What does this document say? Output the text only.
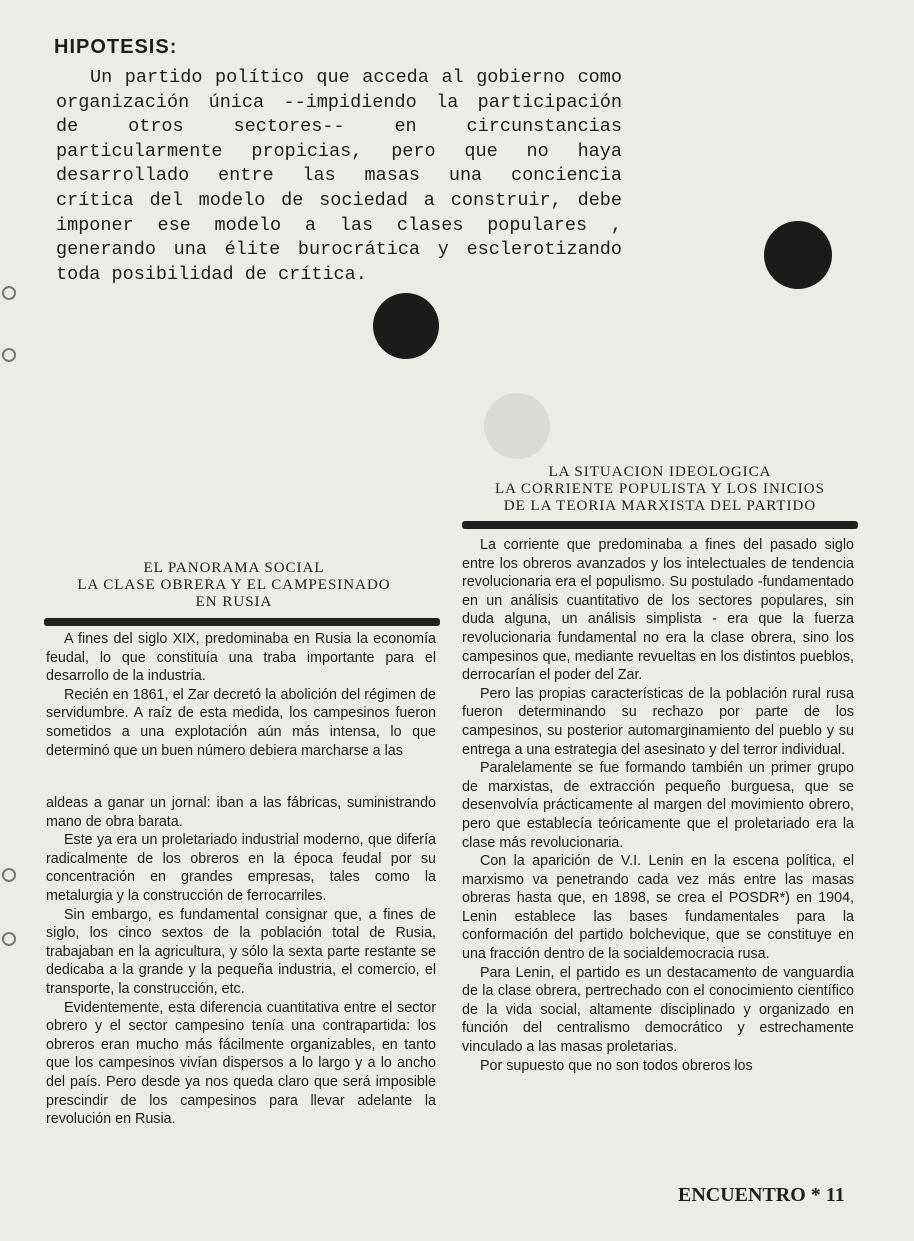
HIPOTESIS:

Un partido político que acceda al gobierno como organización única --impidiendo la participación de otros sectores-- en circunstancias particularmente propicias, pero que no haya desarrollado entre las masas una conciencia crítica del modelo de sociedad a construir, debe imponer ese modelo a las clases populares , generando una élite burocrática y esclerotizando toda posibilidad de crítica.

EL PANORAMA SOCIAL
LA CLASE OBRERA Y EL CAMPESINADO
EN RUSIA

A fines del siglo XIX, predominaba en Rusia la economía feudal, lo que constituía una traba importante para el desarrollo de la industria.

Recién en 1861, el Zar decretó la abolición del régimen de servidumbre. A raíz de esta medida, los campesinos fueron sometidos a una explotación aún más intensa, lo que determinó que un buen número debiera marcharse a las

aldeas a ganar un jornal: iban a las fábricas, suministrando mano de obra barata.

Este ya era un proletariado industrial moderno, que difería radicalmente de los obreros en la época feudal por su concentración en grandes empresas, tales como la metalurgia y la construcción de ferrocarriles.

Sin embargo, es fundamental consignar que, a fines de siglo, los cinco sextos de la población total de Rusia, trabajaban en la agricultura, y sólo la sexta parte restante se dedicaba a la grande y la pequeña industria, el comercio, el transporte, la construcción, etc.

Evidentemente, esta diferencia cuantitativa entre el sector obrero y el sector campesino tenía una contrapartida: los obreros eran mucho más fácilmente organizables, en tanto que los campesinos vivían dispersos a lo largo y a lo ancho del país. Pero desde ya nos queda claro que será imposible prescindir de los campesinos para llevar adelante la revolución en Rusia.

LA SITUACION IDEOLOGICA
LA CORRIENTE POPULISTA Y LOS INICIOS
DE LA TEORIA MARXISTA DEL PARTIDO

La corriente que predominaba a fines del pasado siglo entre los obreros avanzados y los intelectuales de tendencia revolucionaria era el populismo. Su postulado -fundamentado en un análisis cuantitativo de los sectores populares, sin duda alguna, un análisis simplista - era que la fuerza revolucionaria fundamental no era la clase obrera, sino los campesinos que, mediante revueltas en los distintos pueblos, derrocarían el poder del Zar.

Pero las propias características de la población rural rusa fueron determinando su rechazo por parte de los campesinos, su posterior automarginamiento del pueblo y su entrega a una estrategia del asesinato y del terror individual.

Paralelamente se fue formando también un primer grupo de marxistas, de extracción pequeño burguesa, que se desenvolvía prácticamente al margen del movimiento obrero, pero que establecía teóricamente que el proletariado era la clase más revolucionaria.

Con la aparición de V.I. Lenin en la escena política, el marxismo va penetrando cada vez más entre las masas obreras hasta que, en 1898, se crea el POSDR*) en 1904, Lenin establece las bases fundamentales para la conformación del partido bolchevique, que se constituye en una fracción dentro de la socialdemocracia rusa.

Para Lenin, el partido es un destacamento de vanguardia de la clase obrera, pertrechado con el conocimiento científico de la vida social, altamente disciplinado y organizado en función del centralismo democrático y estrechamente vinculado a las masas proletarias.

Por supuesto que no son todos obreros los

ENCUENTRO * 11
